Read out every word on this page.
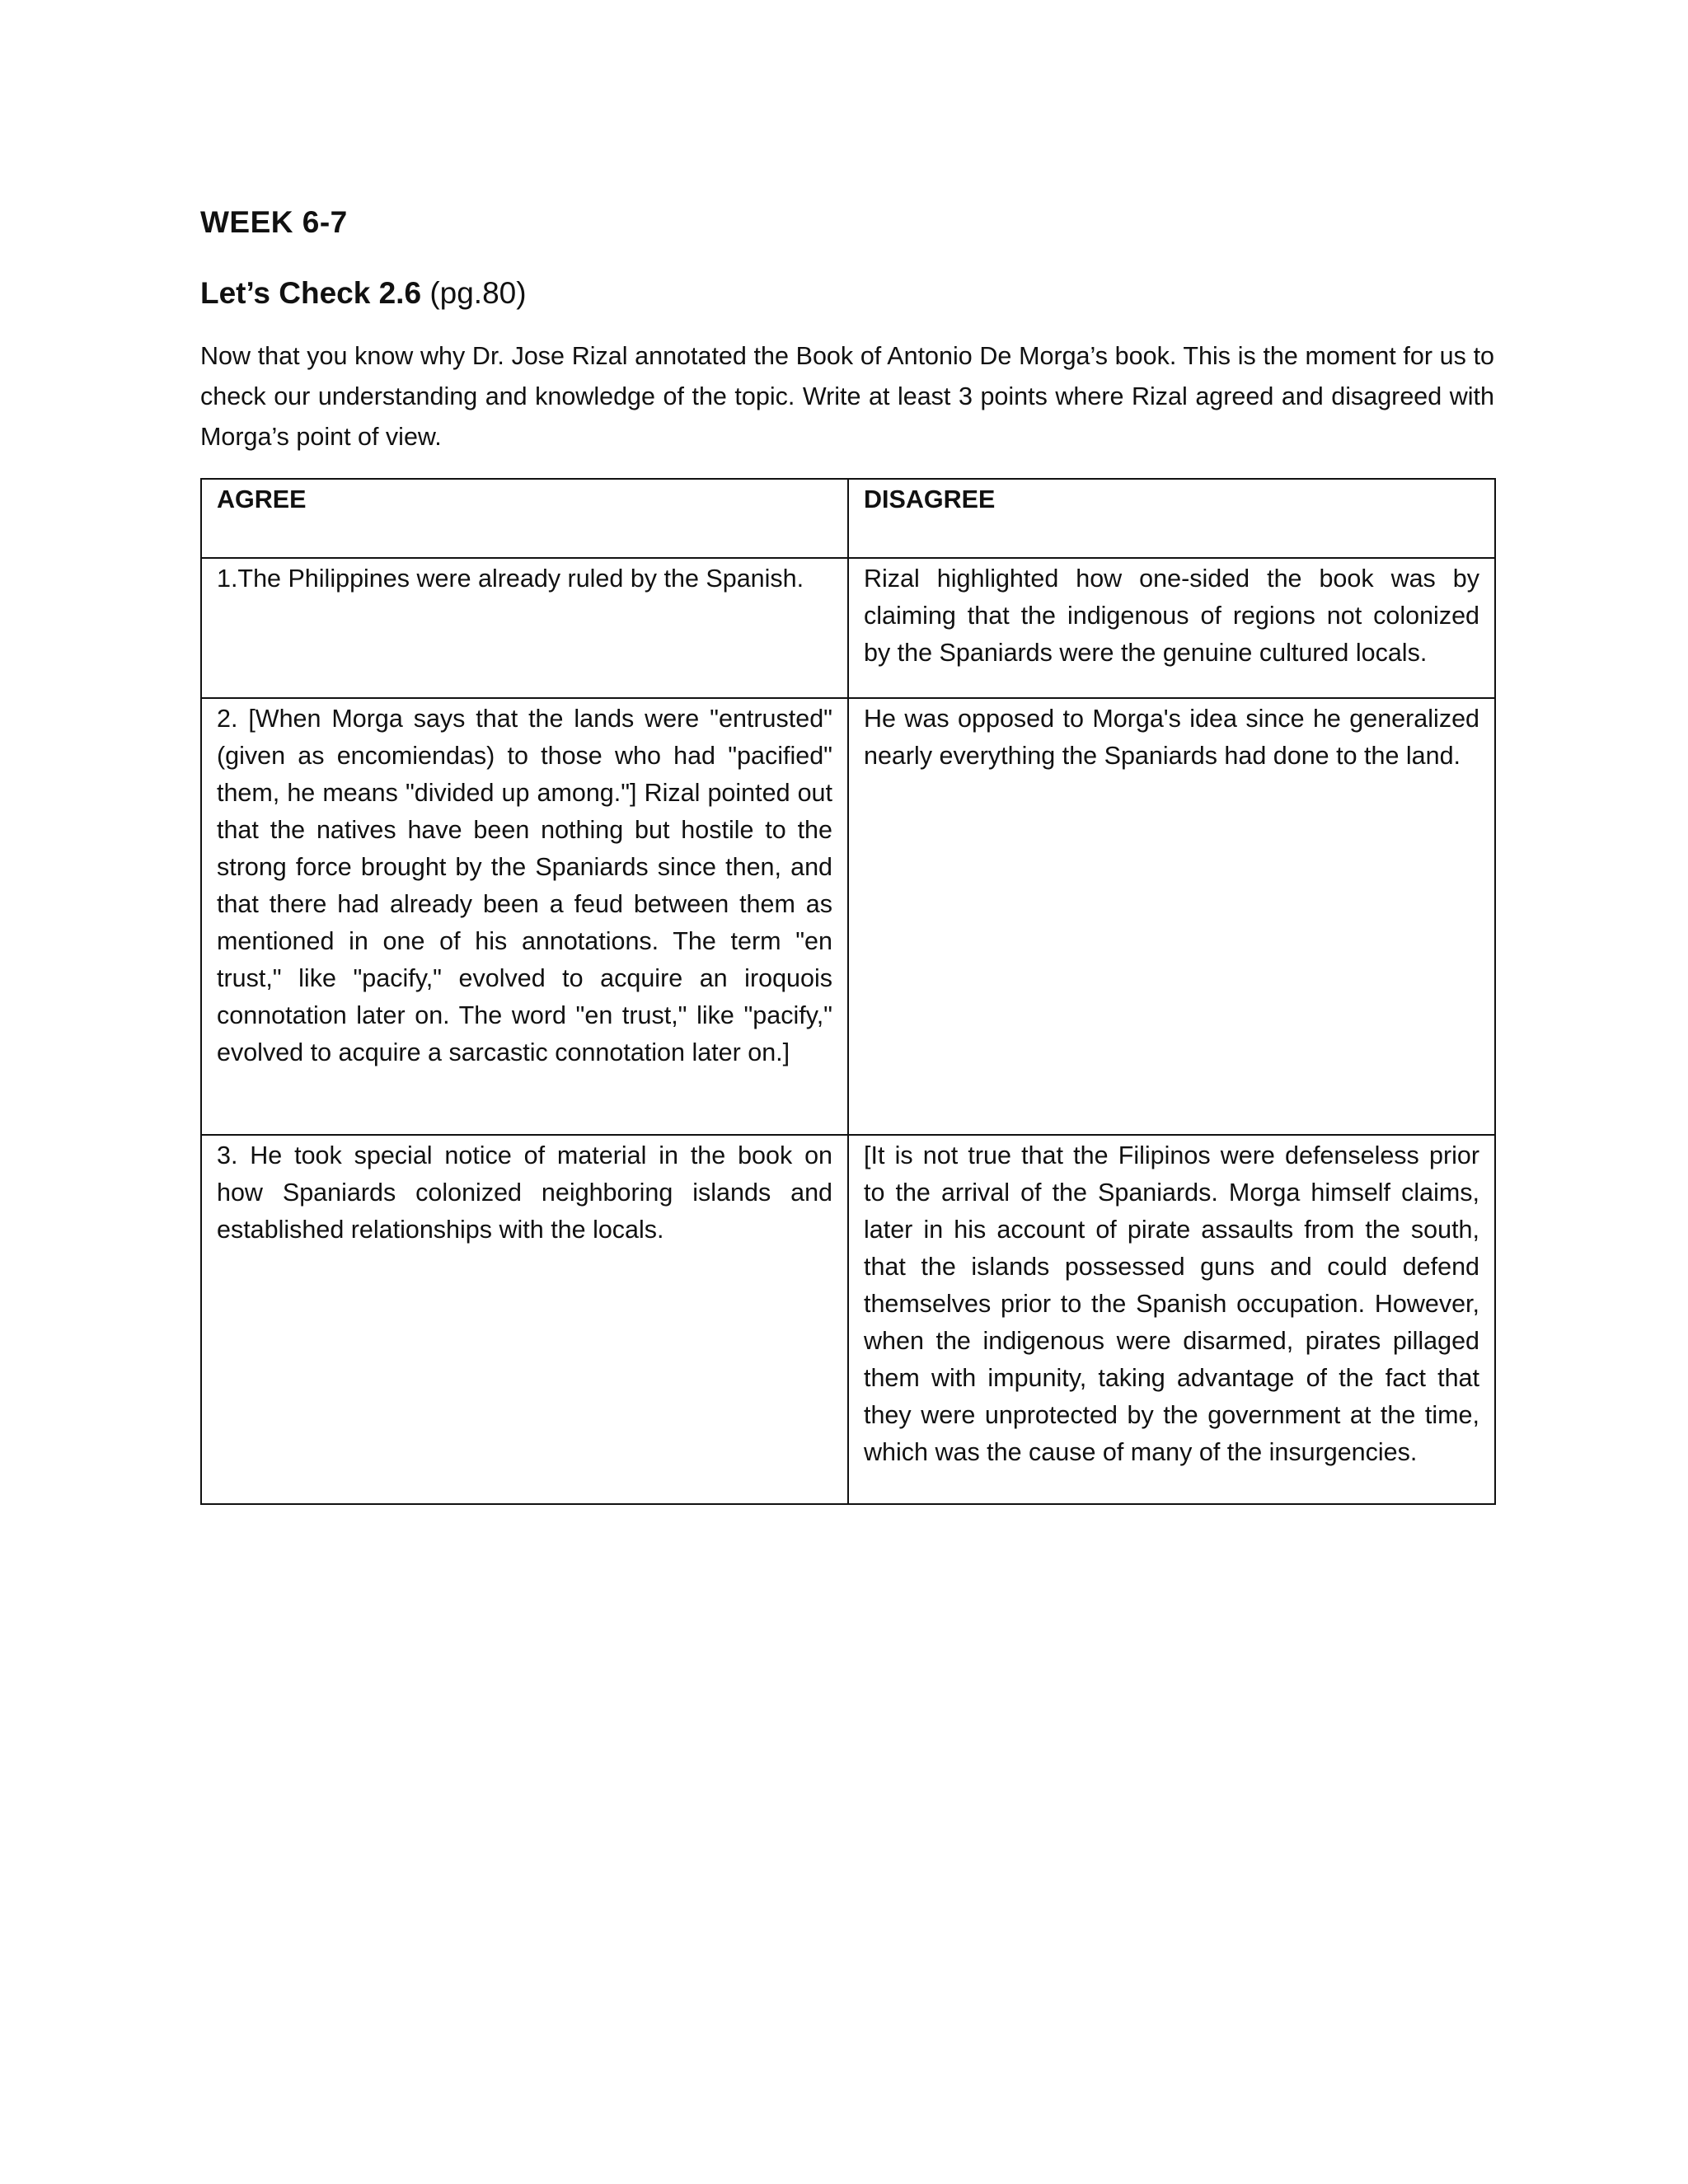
WEEK 6-7
Let’s Check 2.6 (pg.80)

Now that you know why Dr. Jose Rizal annotated the Book of Antonio De Morga’s book. This is the moment for us to check our understanding and knowledge of the topic. Write at least 3 points where Rizal agreed and disagreed with Morga’s point of view.

AGREE	DISAGREE
1.The Philippines were already ruled by the Spanish.	Rizal highlighted how one-sided the book was by claiming that the indigenous of regions not colonized by the Spaniards were the genuine cultured locals.
2. [When Morga says that the lands were "entrusted" (given as encomiendas) to those who had "pacified" them, he means "divided up among."] Rizal pointed out that the natives have been nothing but hostile to the strong force brought by the Spaniards since then, and that there had already been a feud between them as mentioned in one of his annotations. The term "en trust," like "pacify," evolved to acquire an iroquois connotation later on. The word "en trust," like "pacify," evolved to acquire a sarcastic connotation later on.]	He was opposed to Morga's idea since he generalized nearly everything the Spaniards had done to the land.
3. He took special notice of material in the book on how Spaniards colonized neighboring islands and established relationships with the locals.	[It is not true that the Filipinos were defenseless prior to the arrival of the Spaniards. Morga himself claims, later in his account of pirate assaults from the south, that the islands possessed guns and could defend themselves prior to the Spanish occupation. However, when the indigenous were disarmed, pirates pillaged them with impunity, taking advantage of the fact that they were unprotected by the government at the time, which was the cause of many of the insurgencies.
